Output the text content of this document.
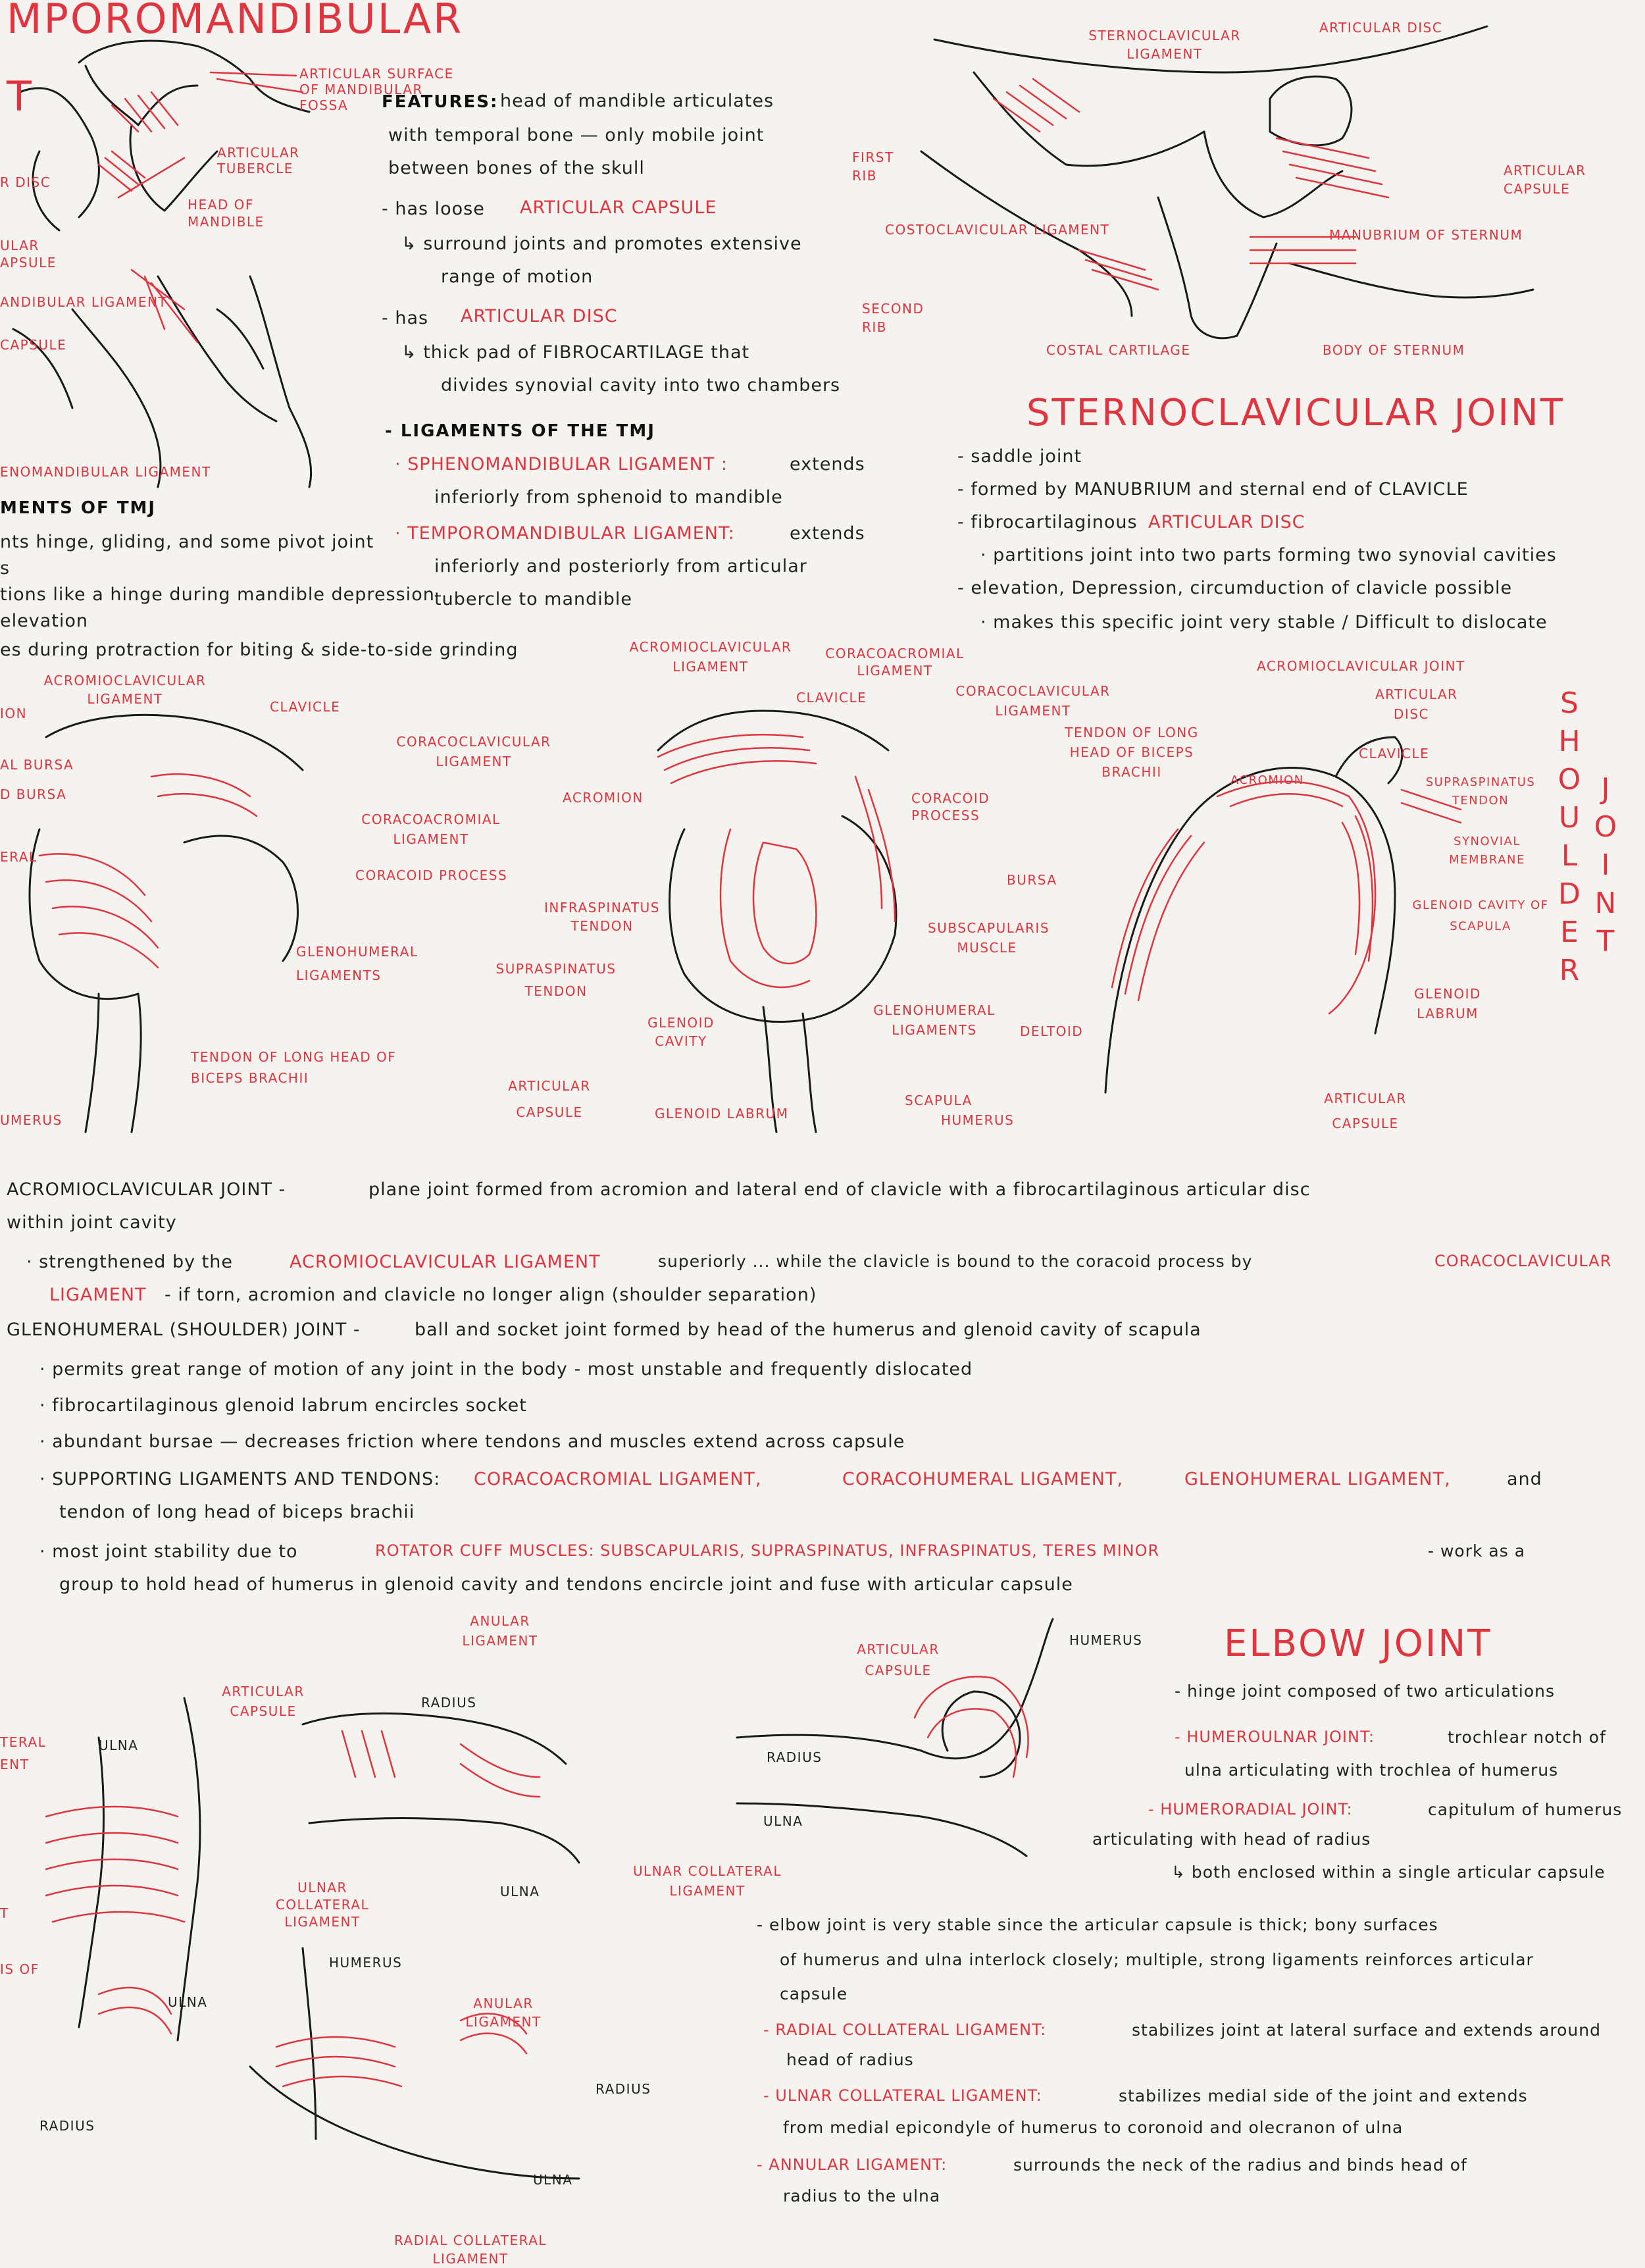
MPOROMANDIBULAR
T	ARTICULAR SURFACE OF MANDIBULAR FOSSA
ARTICULAR TUBERCLE
HEAD OF MANDIBLE
R DISC
ULAR APSULE
ANDIBULAR LIGAMENT
CAPSULE
ENOMANDIBULAR LIGAMENT
FEATURES: head of mandible articulates
with temporal bone — only mobile joint
between bones of the skull
- has loose ARTICULAR CAPSULE
↳ surround joints and promotes extensive
range of motion
- has ARTICULAR DISC
↳ thick pad of FIBROCARTILAGE that
divides synovial cavity into two chambers
- LIGAMENTS OF THE TMJ
· SPHENOMANDIBULAR LIGAMENT :	extends
inferiorly from sphenoid to mandible
· TEMPOROMANDIBULAR LIGAMENT:	extends
inferiorly and posteriorly from articular
tubercle to mandible
MENTS OF TMJ
nts hinge, gliding, and some pivot joint
s
tions like a hinge during mandible depression
elevation
es during protraction for biting & side-to-side grinding
STERNOCLAVICULAR LIGAMENT
ARTICULAR DISC
FIRST RIB	ARTICULAR CAPSULE
COSTOCLAVICULAR LIGAMENT	MANUBRIUM OF STERNUM
SECOND RIB
COSTAL CARTILAGE	BODY OF STERNUM
STERNOCLAVICULAR JOINT
- saddle joint
- formed by MANUBRIUM and sternal end of CLAVICLE
- fibrocartilaginous ARTICULAR DISC
· partitions joint into two parts forming two synovial cavities
- elevation, Depression, circumduction of clavicle possible
· makes this specific joint very stable / Difficult to dislocate
S
H
O
U
L
D
E
R
J
O
I
N
T
ACROMIOCLAVICULAR LIGAMENT	CLAVICLE
CORACOCLAVICULAR LIGAMENT
CORACOACROMIAL LIGAMENT
CORACOID PROCESS
GLENOHUMERAL LIGAMENTS
TENDON OF LONG HEAD OF BICEPS BRACHII
ION
AL BURSA
D BURSA
ERAL
UMERUS
ACROMIOCLAVICULAR LIGAMENT
CORACOACROMIAL LIGAMENT
CLAVICLE	CORACOCLAVICULAR LIGAMENT
ACROMION	CORACOID PROCESS
BURSA
INFRASPINATUS TENDON	SUBSCAPULARIS MUSCLE
SUPRASPINATUS TENDON
GLENOHUMERAL LIGAMENTS
GLENOID CAVITY
ARTICULAR CAPSULE	GLENOID LABRUM
SCAPULA
ACROMIOCLAVICULAR JOINT
ARTICULAR DISC
TENDON OF LONG HEAD OF BICEPS BRACHII
CLAVICLE
ACROMION	SUPRASPINATUS TENDON
SYNOVIAL MEMBRANE
GLENOID CAVITY OF SCAPULA
GLENOID LABRUM
DELTOID
HUMERUS
ARTICULAR CAPSULE
ACROMIOCLAVICULAR JOINT -	plane joint formed from acromion and lateral end of clavicle with a fibrocartilaginous articular disc
within joint cavity
· strengthened by the	ACROMIOCLAVICULAR LIGAMENT	superiorly ... while the clavicle is bound to the coracoid process by	CORACOCLAVICULAR
LIGAMENT - if torn, acromion and clavicle no longer align (shoulder separation)
GLENOHUMERAL (SHOULDER) JOINT -	ball and socket joint formed by head of the humerus and glenoid cavity of scapula
· permits great range of motion of any joint in the body - most unstable and frequently dislocated
· fibrocartilaginous glenoid labrum encircles socket
· abundant bursae — decreases friction where tendons and muscles extend across capsule
· SUPPORTING LIGAMENTS AND TENDONS: CORACOACROMIAL LIGAMENT,	CORACOHUMERAL LIGAMENT,	GLENOHUMERAL LIGAMENT,	and
tendon of long head of biceps brachii
· most joint stability due to	ROTATOR CUFF MUSCLES: SUBSCAPULARIS, SUPRASPINATUS, INFRASPINATUS, TERES MINOR	- work as a
group to hold head of humerus in glenoid cavity and tendons encircle joint and fuse with articular capsule
ANULAR LIGAMENT
ARTICULAR CAPSULE
RADIUS
ULNA
ULNA
ULNAR COLLATERAL LIGAMENT
TERAL ENT
T
IS OF	HUMERUS
ULNA
RADIUS
ANULAR LIGAMENT
RADIUS
ULNA
RADIAL COLLATERAL LIGAMENT
ARTICULAR CAPSULE
HUMERUS
RADIUS
ULNA
ULNAR COLLATERAL LIGAMENT
ELBOW JOINT
- hinge joint composed of two articulations
- HUMEROULNAR JOINT:	trochlear notch of
ulna articulating with trochlea of humerus
- HUMERORADIAL JOINT:	capitulum of humerus
articulating with head of radius
↳ both enclosed within a single articular capsule
- elbow joint is very stable since the articular capsule is thick; bony surfaces
of humerus and ulna interlock closely; multiple, strong ligaments reinforces articular
capsule
- RADIAL COLLATERAL LIGAMENT:	stabilizes joint at lateral surface and extends around
head of radius
- ULNAR COLLATERAL LIGAMENT:	stabilizes medial side of the joint and extends
from medial epicondyle of humerus to coronoid and olecranon of ulna
- ANNULAR LIGAMENT:	surrounds the neck of the radius and binds head of
radius to the ulna
